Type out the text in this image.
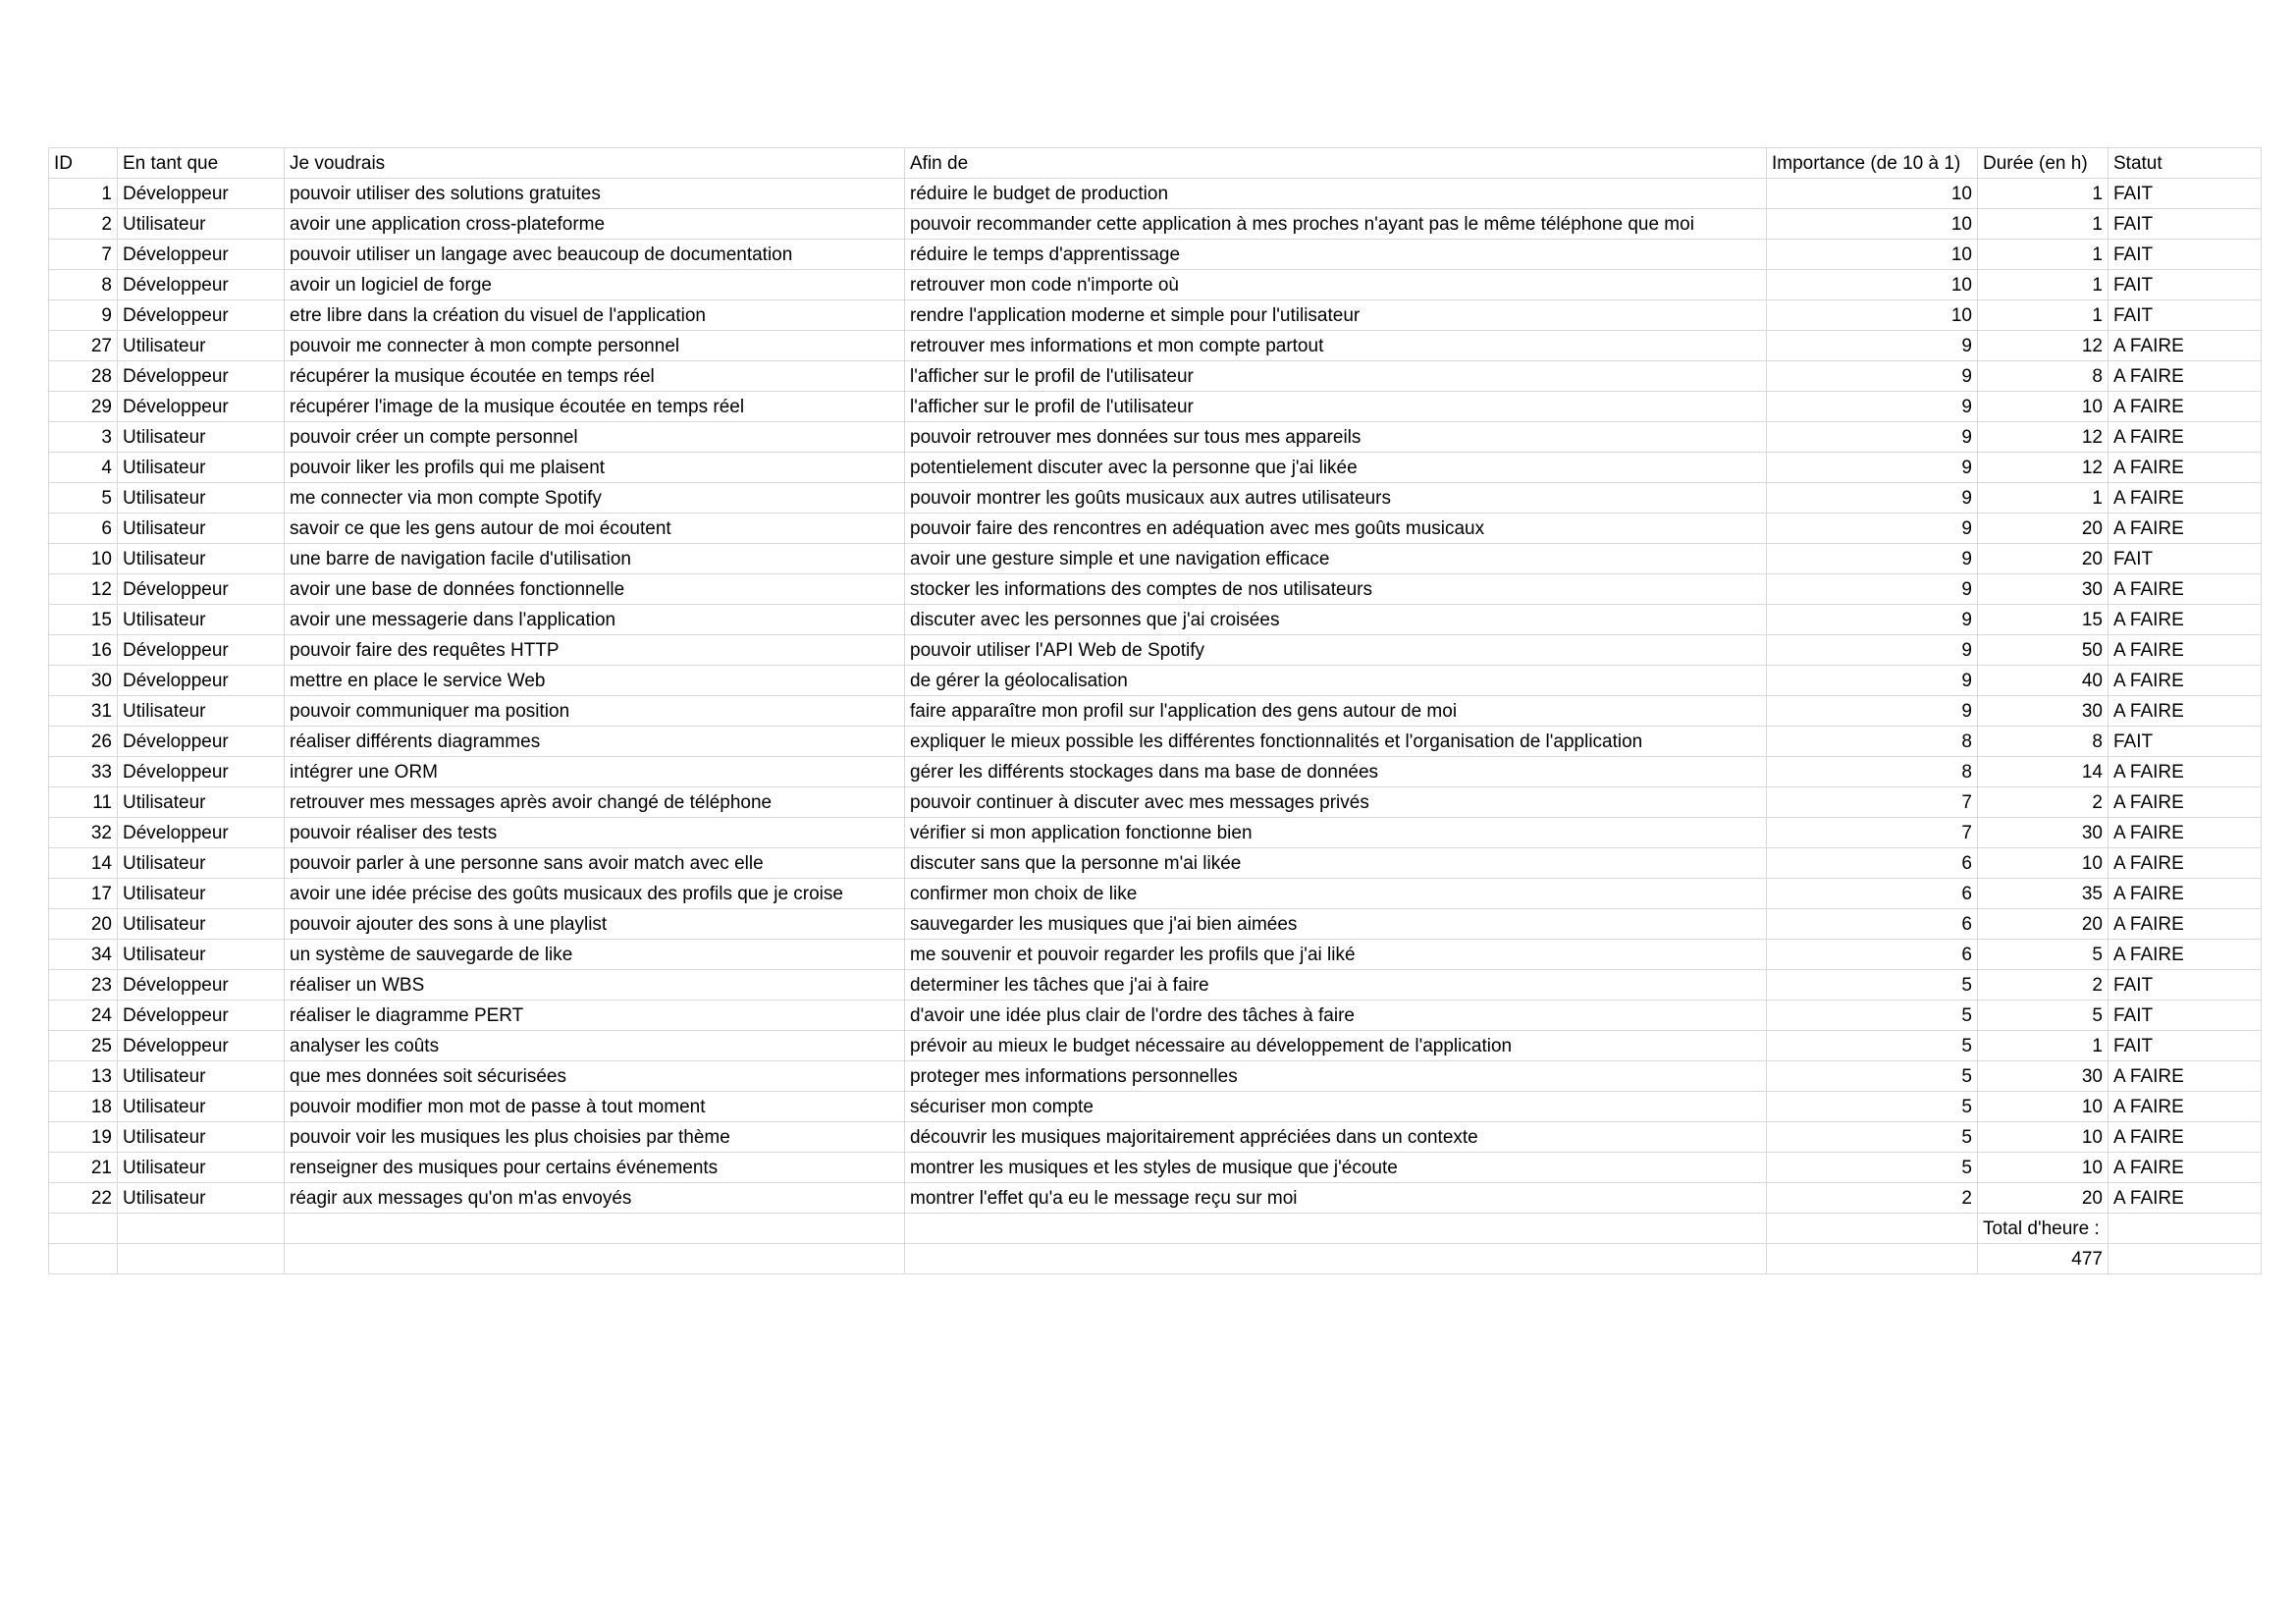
ID	En tant que	Je voudrais	Afin de	Importance (de 10 à 1)	Durée (en h)	Statut
1	Développeur	pouvoir utiliser des solutions gratuites	réduire le budget de production	10	1	FAIT
2	Utilisateur	avoir une application cross-plateforme	pouvoir recommander cette application à mes proches n'ayant pas le même téléphone que moi	10	1	FAIT
7	Développeur	pouvoir utiliser un langage avec beaucoup de documentation	réduire le temps d'apprentissage	10	1	FAIT
8	Développeur	avoir un logiciel de forge	retrouver mon code n'importe où	10	1	FAIT
9	Développeur	etre libre dans la création du visuel de l'application	rendre l'application moderne et simple pour l'utilisateur	10	1	FAIT
27	Utilisateur	pouvoir me connecter à mon compte personnel	retrouver mes informations et mon compte partout	9	12	A FAIRE
28	Développeur	récupérer la musique écoutée en temps réel	l'afficher sur le profil de l'utilisateur	9	8	A FAIRE
29	Développeur	récupérer l'image de la musique écoutée en temps réel	l'afficher sur le profil de l'utilisateur	9	10	A FAIRE
3	Utilisateur	pouvoir créer un compte personnel	pouvoir retrouver mes données sur tous mes appareils	9	12	A FAIRE
4	Utilisateur	pouvoir liker les profils qui me plaisent	potentielement discuter avec la personne que j'ai likée	9	12	A FAIRE
5	Utilisateur	me connecter via mon compte Spotify	pouvoir montrer les goûts musicaux aux autres utilisateurs	9	1	A FAIRE
6	Utilisateur	savoir ce que les gens autour de moi écoutent	pouvoir faire des rencontres en adéquation avec mes goûts musicaux	9	20	A FAIRE
10	Utilisateur	une barre de navigation facile d'utilisation	avoir une gesture simple et une navigation efficace	9	20	FAIT
12	Développeur	avoir une base de données fonctionnelle	stocker les informations des comptes de nos utilisateurs	9	30	A FAIRE
15	Utilisateur	avoir une messagerie dans l'application	discuter avec les personnes que j'ai croisées	9	15	A FAIRE
16	Développeur	pouvoir faire des requêtes HTTP	pouvoir utiliser l'API Web de Spotify	9	50	A FAIRE
30	Développeur	mettre en place le service Web	de gérer la géolocalisation	9	40	A FAIRE
31	Utilisateur	pouvoir communiquer ma position	faire apparaître mon profil sur l'application des gens autour de moi	9	30	A FAIRE
26	Développeur	réaliser différents diagrammes	expliquer le mieux possible les différentes fonctionnalités et l'organisation de l'application	8	8	FAIT
33	Développeur	intégrer une ORM	gérer les différents stockages dans ma base de données	8	14	A FAIRE
11	Utilisateur	retrouver mes messages après avoir changé de téléphone	pouvoir continuer à discuter avec mes messages privés	7	2	A FAIRE
32	Développeur	pouvoir réaliser des tests	vérifier si mon application fonctionne bien	7	30	A FAIRE
14	Utilisateur	pouvoir parler à une personne sans avoir match avec elle	discuter sans que la personne m'ai likée	6	10	A FAIRE
17	Utilisateur	avoir une idée précise des goûts musicaux des profils que je croise	confirmer mon choix de like	6	35	A FAIRE
20	Utilisateur	pouvoir ajouter des sons à une playlist	sauvegarder les musiques que j'ai bien aimées	6	20	A FAIRE
34	Utilisateur	un système de sauvegarde de like	me souvenir et pouvoir regarder les profils que j'ai liké	6	5	A FAIRE
23	Développeur	réaliser un WBS	determiner les tâches que j'ai à faire	5	2	FAIT
24	Développeur	réaliser le diagramme PERT	d'avoir une idée plus clair de l'ordre des tâches à faire	5	5	FAIT
25	Développeur	analyser les coûts	prévoir au mieux le budget nécessaire au développement de l'application	5	1	FAIT
13	Utilisateur	que mes données soit sécurisées	proteger mes informations personnelles	5	30	A FAIRE
18	Utilisateur	pouvoir modifier mon mot de passe à tout moment	sécuriser mon compte	5	10	A FAIRE
19	Utilisateur	pouvoir voir les musiques les plus choisies par thème	découvrir les musiques majoritairement appréciées dans un contexte	5	10	A FAIRE
21	Utilisateur	renseigner des musiques pour certains événements	montrer les musiques et les styles de musique que j'écoute	5	10	A FAIRE
22	Utilisateur	réagir aux messages qu'on m'as envoyés	montrer l'effet qu'a eu le message reçu sur moi	2	20	A FAIRE
					Total d'heure :	
					477	
